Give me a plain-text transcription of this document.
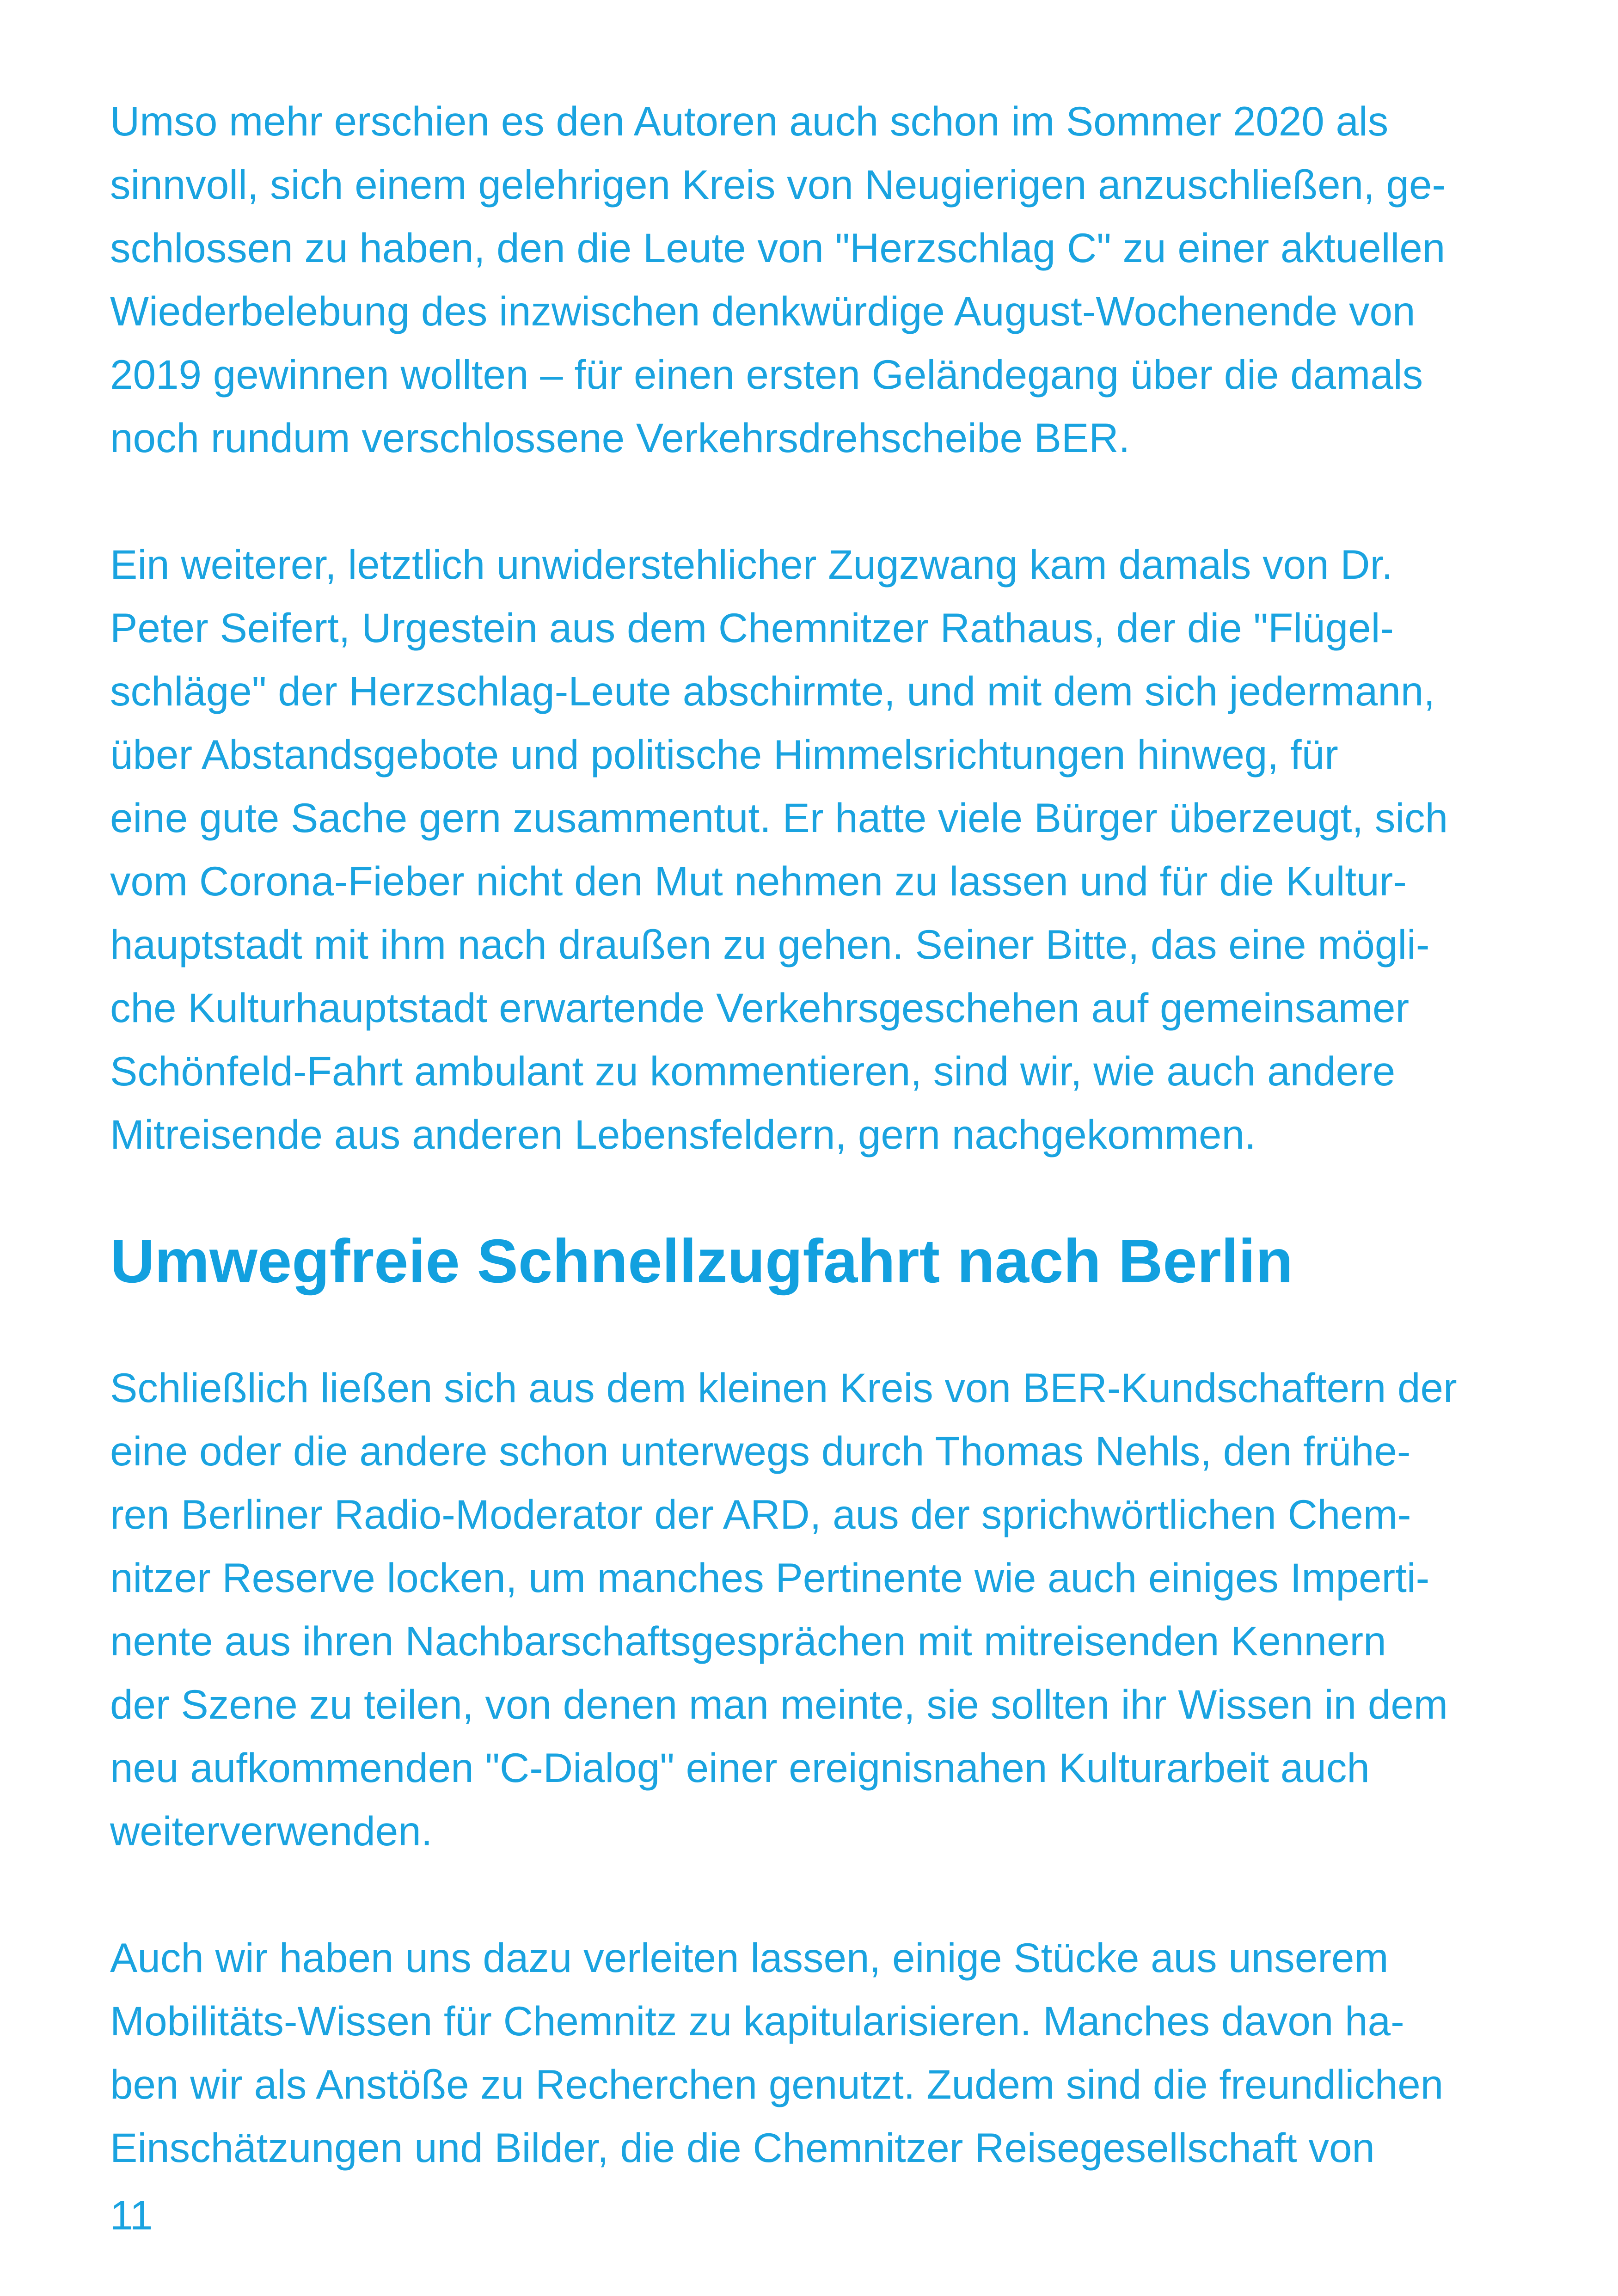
Umso mehr erschien es den Autoren auch schon im Sommer 2020 als
sinnvoll, sich einem gelehrigen Kreis von Neugierigen anzuschließen, ge-
schlossen zu haben, den die Leute von "Herzschlag C" zu einer aktuellen
Wiederbelebung des inzwischen denkwürdige August-Wochenende von
2019 gewinnen wollten – für einen ersten Geländegang über die damals
noch rundum verschlossene Verkehrsdrehscheibe BER.
Ein weiterer, letztlich unwiderstehlicher Zugzwang kam damals von Dr.
Peter Seifert, Urgestein aus dem Chemnitzer Rathaus, der die "Flügel-
schläge" der Herzschlag-Leute abschirmte, und mit dem sich jedermann,
über Abstandsgebote und politische Himmelsrichtungen hinweg, für
eine gute Sache gern zusammentut. Er hatte viele Bürger überzeugt, sich
vom Corona-Fieber nicht den Mut nehmen zu lassen und für die Kultur-
hauptstadt mit ihm nach draußen zu gehen. Seiner Bitte, das eine mögli-
che Kulturhauptstadt erwartende Verkehrsgeschehen auf gemeinsamer
Schönfeld-Fahrt ambulant zu kommentieren, sind wir, wie auch andere
Mitreisende aus anderen Lebensfeldern, gern nachgekommen.
Umwegfreie Schnellzugfahrt nach Berlin
Schließlich ließen sich aus dem kleinen Kreis von BER-Kundschaftern der
eine oder die andere schon unterwegs durch Thomas Nehls, den frühe-
ren Berliner Radio-Moderator der ARD, aus der sprichwörtlichen Chem-
nitzer Reserve locken, um manches Pertinente wie auch einiges Imperti-
nente aus ihren Nachbarschaftsgesprächen mit mitreisenden Kennern
der Szene zu teilen, von denen man meinte, sie sollten ihr Wissen in dem
neu aufkommenden "C-Dialog" einer ereignisnahen Kulturarbeit auch
weiterverwenden.
Auch wir haben uns dazu verleiten lassen, einige Stücke aus unserem
Mobilitäts-Wissen für Chemnitz zu kapitularisieren. Manches davon ha-
ben wir als Anstöße zu Recherchen genutzt. Zudem sind die freundlichen
Einschätzungen und Bilder, die die Chemnitzer Reisegesellschaft von
11
